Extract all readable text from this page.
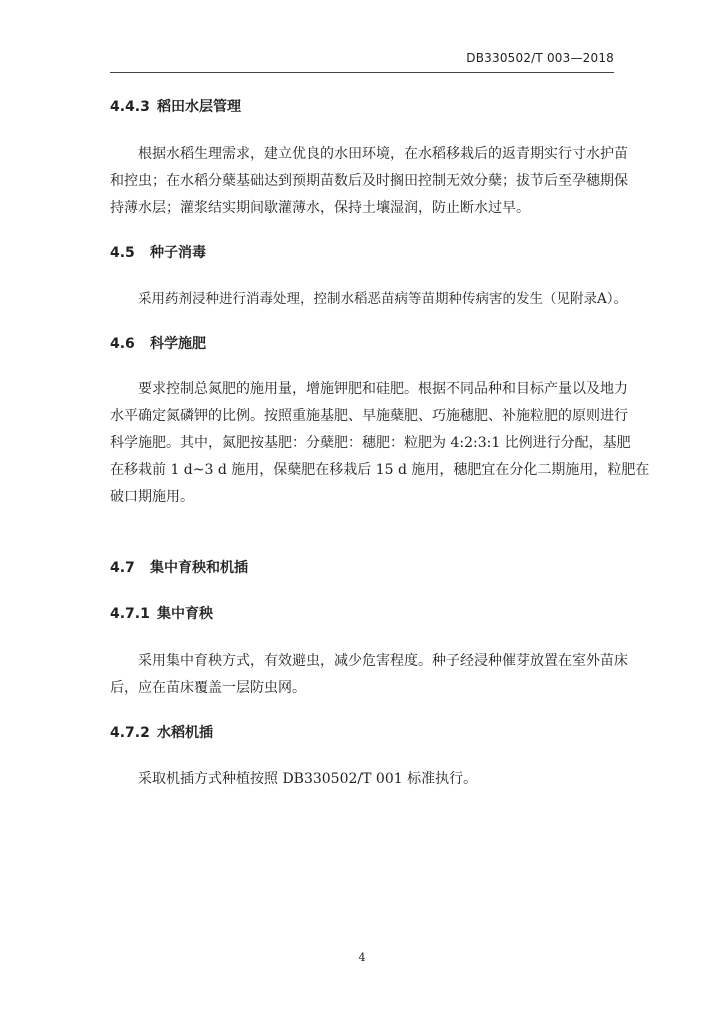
DB330502/T 003—2018
4.4.3 稻田水层管理
根据水稻生理需求，建立优良的水田环境，在水稻移栽后的返青期实行寸水护苗
和控虫；在水稻分蘖基础达到预期苗数后及时搁田控制无效分蘖；拔节后至孕穗期保
持薄水层；灌浆结实期间歇灌薄水，保持土壤湿润，防止断水过早。
4.5 种子消毒
采用药剂浸种进行消毒处理，控制水稻恶苗病等苗期种传病害的发生（见附录A）。
4.6 科学施肥
要求控制总氮肥的施用量，增施钾肥和硅肥。根据不同品种和目标产量以及地力
水平确定氮磷钾的比例。按照重施基肥、早施蘖肥、巧施穗肥、补施粒肥的原则进行
科学施肥。其中，氮肥按基肥：分蘖肥：穗肥：粒肥为 4:2:3:1 比例进行分配，基肥
在移栽前 1 d~3 d 施用，保蘖肥在移栽后 15 d 施用，穗肥宜在分化二期施用，粒肥在
破口期施用。
4.7 集中育秧和机插
4.7.1 集中育秧
采用集中育秧方式，有效避虫，减少危害程度。种子经浸种催芽放置在室外苗床
后，应在苗床覆盖一层防虫网。
4.7.2 水稻机插
采取机插方式种植按照 DB330502/T 001 标准执行。
4
